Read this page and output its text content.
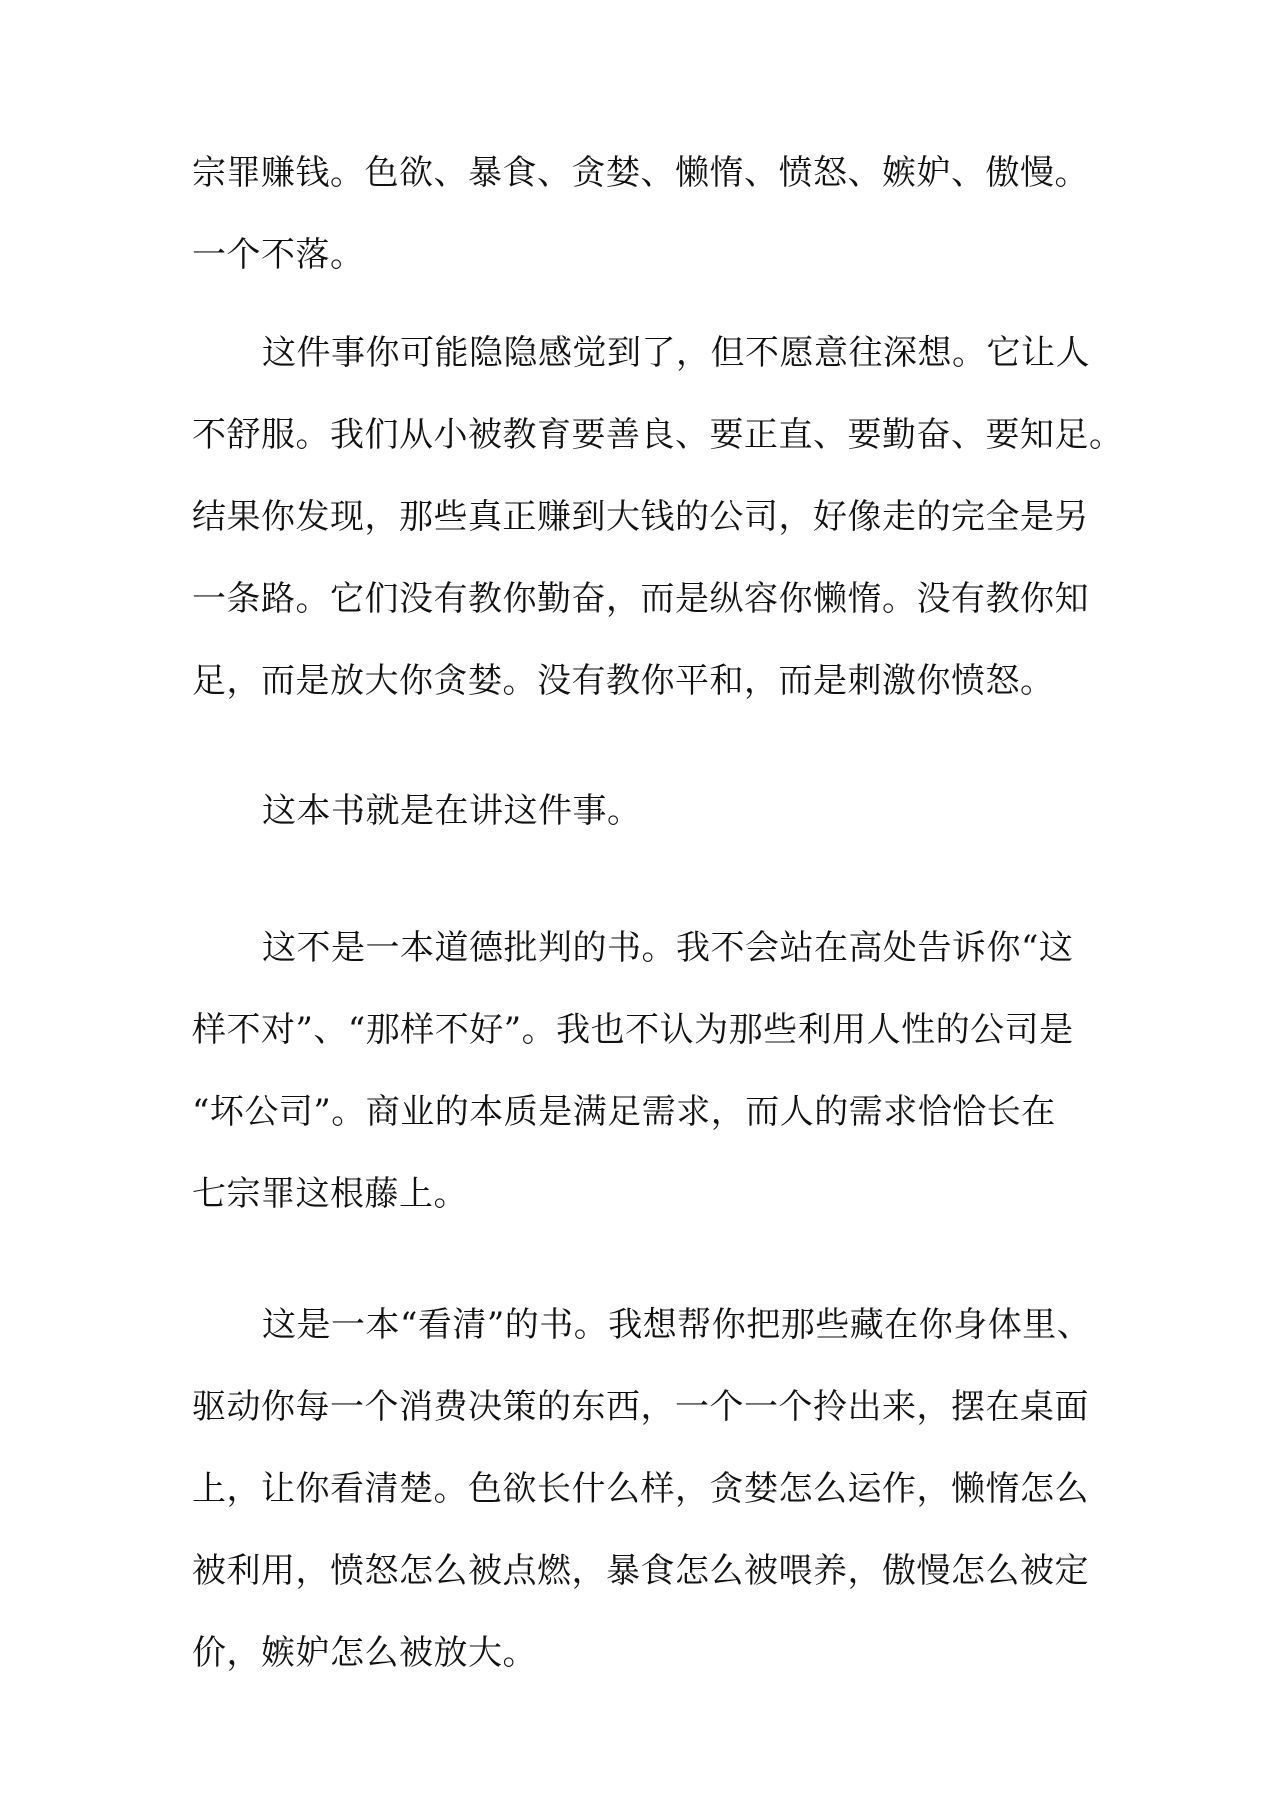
宗罪赚钱。色欲、暴食、贪婪、懒惰、愤怒、嫉妒、傲慢。
一个不落。
这件事你可能隐隐感觉到了，但不愿意往深想。它让人
不舒服。我们从小被教育要善良、要正直、要勤奋、要知足。
结果你发现，那些真正赚到大钱的公司，好像走的完全是另
一条路。它们没有教你勤奋，而是纵容你懒惰。没有教你知
足，而是放大你贪婪。没有教你平和，而是刺激你愤怒。
这本书就是在讲这件事。
这不是一本道德批判的书。我不会站在高处告诉你“这
样不对”、“那样不好”。我也不认为那些利用人性的公司是
“坏公司”。商业的本质是满足需求，而人的需求恰恰长在
七宗罪这根藤上。
这是一本“看清”的书。我想帮你把那些藏在你身体里、
驱动你每一个消费决策的东西，一个一个拎出来，摆在桌面
上，让你看清楚。色欲长什么样，贪婪怎么运作，懒惰怎么
被利用，愤怒怎么被点燃，暴食怎么被喂养，傲慢怎么被定
价，嫉妒怎么被放大。
